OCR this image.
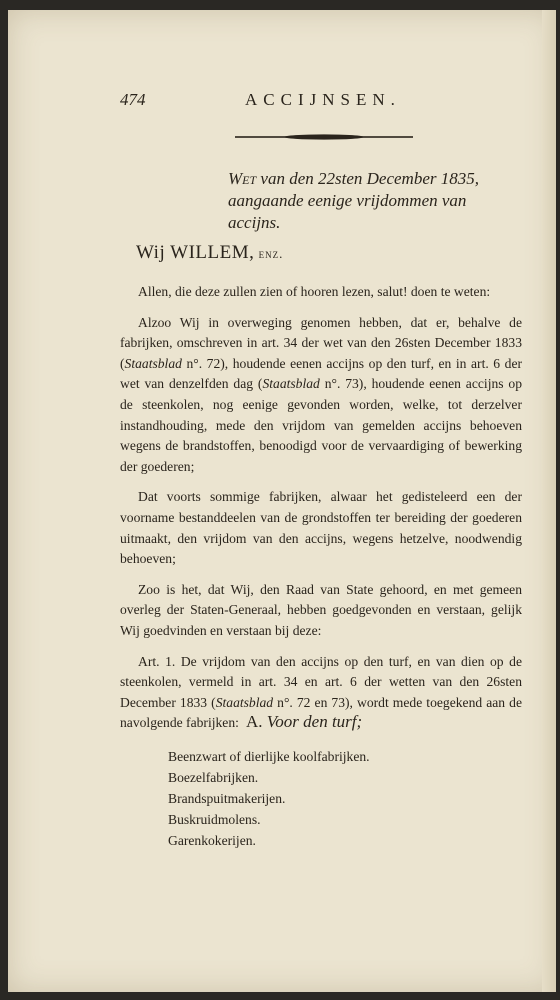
474	ACCIJNSEN.
Wet van den 22sten December 1835,
aangaande eenige vrijdommen van
accijns.
Wij WILLEM, enz.

Allen, die deze zullen zien of hooren lezen, salut! doen te weten:

Alzoo Wij in overweging genomen hebben, dat er, behalve de fabrijken, omschreven in art. 34 der wet van den 26sten December 1833 (Staatsblad n°. 72), houdende eenen accijns op den turf, en in art. 6 der wet van denzelfden dag (Staatsblad n°. 73), houdende eenen accijns op de steenkolen, nog eenige gevonden worden, welke, tot derzelver instandhouding, mede den vrijdom van gemelden accijns behoeven wegens de brandstoffen, benoodigd voor de vervaardiging of bewerking der goederen;

Dat voorts sommige fabrijken, alwaar het gedisteleerd een der voorname bestanddeelen van de grondstoffen ter bereiding der goederen uitmaakt, den vrijdom van den accijns, wegens hetzelve, noodwendig behoeven;

Zoo is het, dat Wij, den Raad van State gehoord, en met gemeen overleg der Staten-Generaal, hebben goedgevonden en verstaan, gelijk Wij goedvinden en verstaan bij deze:

Art. 1. De vrijdom van den accijns op den turf, en van dien op de steenkolen, vermeld in art. 34 en art. 6 der wetten van den 26sten December 1833 (Staatsblad n°. 72 en 73), wordt mede toegekend aan de navolgende fabrijken: A. Voor den turf;
Beenzwart of dierlijke koolfabrijken.
Boezelfabrijken.
Brandspuitmakerijen.
Buskruidmolens.
Garenkokerijen.
